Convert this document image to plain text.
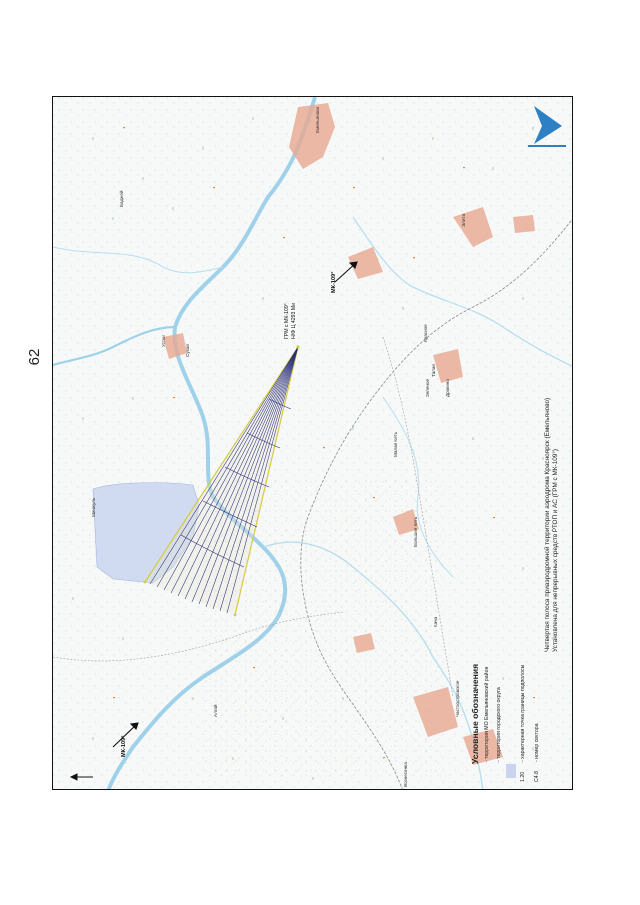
62
МК-109°
МК-109°
ГРМ с МК-109° Н/Ф Ц 4293 Ми
Емельяново
Частоостровское
Элита
Сухая
Устюг
Талая
Зеленое
Малая Кеть
Большие Кеть
Баджей
Алгай
Минжуль
Красное
Дрокино
Вознесенка
Кача	Четвертая полоса приаэродромной территории аэродрома Красноярск (Емельяново) Установлена для непрерывных средств РТОП и АС (ГРМ с МК-109°)
Условные обозначения - территория МО Емельяновский район - территория городского округа	- характерная точка границы подполосы
1.20
- номер сектора
С4.8
